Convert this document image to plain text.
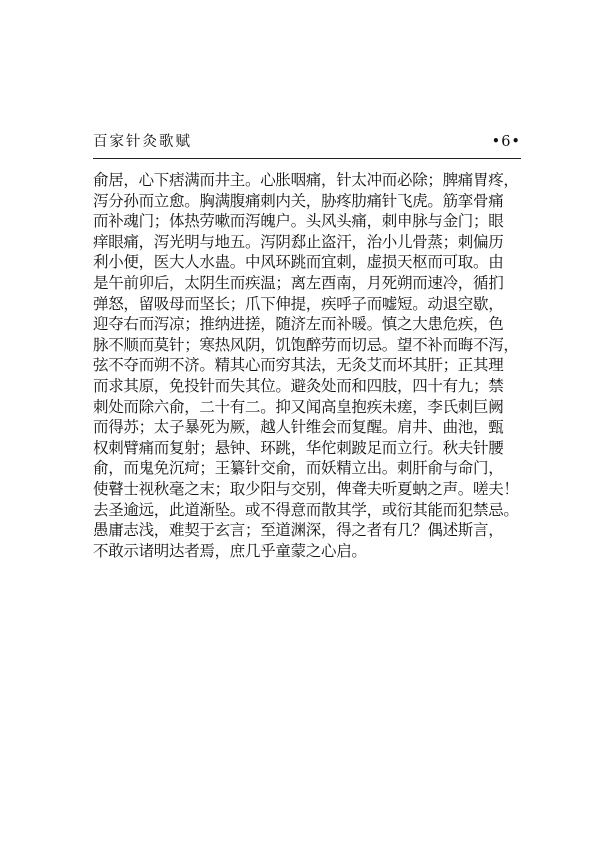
百家针灸歌赋	•6•
俞居，心下痞满而井主。心胀咽痛，针太冲而必除；脾痛胃疼，
泻分孙而立愈。胸满腹痛刺内关，胁疼肋痛针飞虎。筋挛骨痛
而补魂门；体热劳嗽而泻魄户。头风头痛，刺申脉与金门；眼
痒眼痛，泻光明与地五。泻阴郄止盗汗，治小儿骨蒸；刺偏历
利小便，医大人水蛊。中风环跳而宜刺，虚损天枢而可取。由
是午前卯后，太阴生而疾温；离左酉南，月死朔而速冷，循扪
弹怒，留吸母而坚长；爪下伸提，疾呼子而嘘短。动退空歇，
迎夺右而泻凉；推纳进搓，随济左而补暖。慎之大患危疾，色
脉不顺而莫针；寒热风阴，饥饱醉劳而切忌。望不补而晦不泻，
弦不夺而朔不济。精其心而穷其法，无灸艾而坏其肝；正其理
而求其原，免投针而失其位。避灸处而和四肢，四十有九；禁
刺处而除六俞，二十有二。抑又闻高皇抱疾未瘥，李氏刺巨阙
而得苏；太子暴死为厥，越人针维会而复醒。肩井、曲池，甄
权刺臂痛而复射；悬钟、环跳，华佗刺跛足而立行。秋夫针腰
俞，而鬼免沉疴；王纂针交俞，而妖精立出。刺肝俞与命门，
使瞽士视秋毫之末；取少阳与交别，俾聋夫听夏蚋之声。嗟夫！
去圣逾远，此道渐坠。或不得意而散其学，或衍其能而犯禁忌。
愚庸志浅，难契于玄言；至道渊深，得之者有几？偶述斯言，
不敢示诸明达者焉，庶几乎童蒙之心启。
